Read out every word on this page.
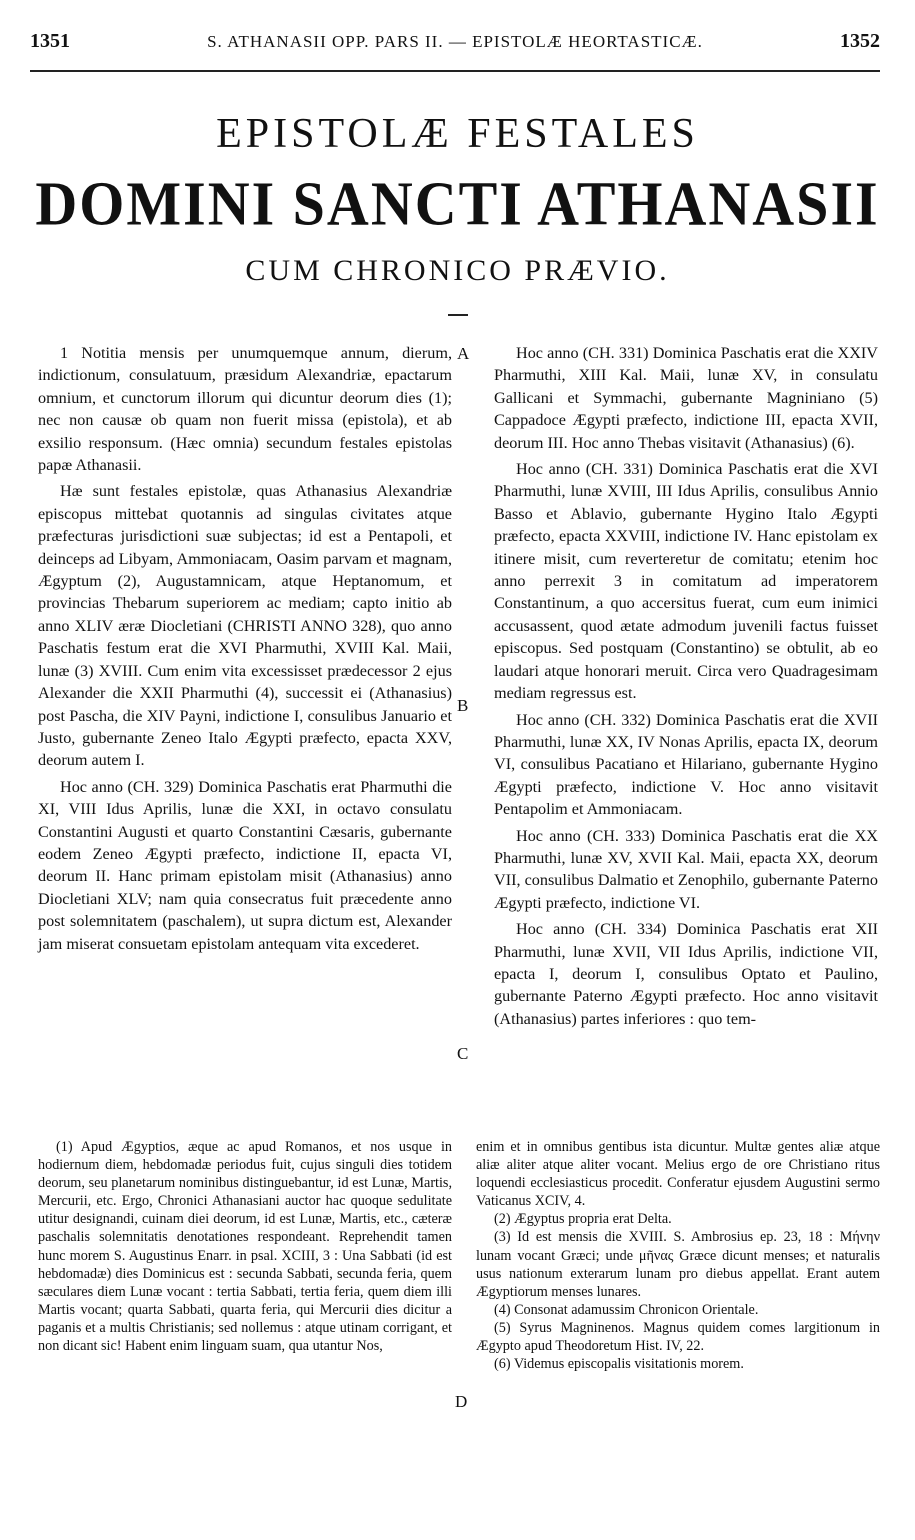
1351	S. ATHANASII OPP. PARS II. — EPISTOLÆ HEORTASTICÆ.	1352
EPISTOLÆ FESTALES
DOMINI SANCTI ATHANASII
CUM CHRONICO PRÆVIO.

1 Notitia mensis per unumquemque annum, dierum, indictionum, consulatuum, præsidum Alexandriæ, epactarum omnium, et cunctorum illorum qui dicuntur deorum dies (1); nec non causæ ob quam non fuerit missa (epistola), et ab exsilio responsum. (Hæc omnia) secundum festales epistolas papæ Athanasii.

Hæ sunt festales epistolæ, quas Athanasius Alexandriæ episcopus mittebat quotannis ad singulas civitates atque præfecturas jurisdictioni suæ subjectas; id est a Pentapoli, et deinceps ad Libyam, Ammoniacam, Oasim parvam et magnam, Ægyptum (2), Augustamnicam, atque Heptanomum, et provincias Thebarum superiorem ac mediam; capto initio ab anno XLIV æræ Diocletiani (CHRISTI ANNO 328), quo anno Paschatis festum erat die XVI Pharmuthi, XVIII Kal. Maii, lunæ (3) XVIII. Cum enim vita excessisset prædecessor 2 ejus Alexander die XXII Pharmuthi (4), successit ei (Athanasius) post Pascha, die XIV Payni, indictione I, consulibus Januario et Justo, gubernante Zeneo Italo Ægypti præfecto, epacta XXV, deorum autem I.

Hoc anno (CH. 329) Dominica Paschatis erat Pharmuthi die XI, VIII Idus Aprilis, lunæ die XXI, in octavo consulatu Constantini Augusti et quarto Constantini Cæsaris, gubernante eodem Zeneo Ægypti præfecto, indictione II, epacta VI, deorum II. Hanc primam epistolam misit (Athanasius) anno Diocletiani XLV; nam quia consecratus fuit præcedente anno post solemnitatem (paschalem), ut supra dictum est, Alexander jam miserat consuetam epistolam antequam vita excederet.

A
B
C
D

Hoc anno (CH. 331) Dominica Paschatis erat die XXIV Pharmuthi, XIII Kal. Maii, lunæ XV, in consulatu Gallicani et Symmachi, gubernante Magniniano (5) Cappadoce Ægypti præfecto, indictione III, epacta XVII, deorum III. Hoc anno Thebas visitavit (Athanasius) (6).

Hoc anno (CH. 331) Dominica Paschatis erat die XVI Pharmuthi, lunæ XVIII, III Idus Aprilis, consulibus Annio Basso et Ablavio, gubernante Hygino Italo Ægypti præfecto, epacta XXVIII, indictione IV. Hanc epistolam ex itinere misit, cum reverteretur de comitatu; etenim hoc anno perrexit 3 in comitatum ad imperatorem Constantinum, a quo accersitus fuerat, cum eum inimici accusassent, quod ætate admodum juvenili factus fuisset episcopus. Sed postquam (Constantino) se obtulit, ab eo laudari atque honorari meruit. Circa vero Quadragesimam mediam regressus est.

Hoc anno (CH. 332) Dominica Paschatis erat die XVII Pharmuthi, lunæ XX, IV Nonas Aprilis, epacta IX, deorum VI, consulibus Pacatiano et Hilariano, gubernante Hygino Ægypti præfecto, indictione V. Hoc anno visitavit Pentapolim et Ammoniacam.

Hoc anno (CH. 333) Dominica Paschatis erat die XX Pharmuthi, lunæ XV, XVII Kal. Maii, epacta XX, deorum VII, consulibus Dalmatio et Zenophilo, gubernante Paterno Ægypti præfecto, indictione VI.

Hoc anno (CH. 334) Dominica Paschatis erat XII Pharmuthi, lunæ XVII, VII Idus Aprilis, indictione VII, epacta I, deorum I, consulibus Optato et Paulino, gubernante Paterno Ægypti præfecto. Hoc anno visitavit (Athanasius) partes inferiores : quo tem-

(1) Apud Ægyptios, æque ac apud Romanos, et nos usque in hodiernum diem, hebdomadæ periodus fuit, cujus singuli dies totidem deorum, seu planetarum nominibus distinguebantur, id est Lunæ, Martis, Mercurii, etc. Ergo, Chronici Athanasiani auctor hac quoque sedulitate utitur designandi, cuinam diei deorum, id est Lunæ, Martis, etc., cæteræ paschalis solemnitatis denotationes respondeant. Reprehendit tamen hunc morem S. Augustinus Enarr. in psal. XCIII, 3 : Una Sabbati (id est hebdomadæ) dies Dominicus est : secunda Sabbati, secunda feria, quem sæculares diem Lunæ vocant : tertia Sabbati, tertia feria, quem diem illi Martis vocant; quarta Sabbati, quarta feria, qui Mercurii dies dicitur a paganis et a multis Christianis; sed nollemus : atque utinam corrigant, et non dicant sic! Habent enim linguam suam, qua utantur Nos,

enim et in omnibus gentibus ista dicuntur. Multæ gentes aliæ atque aliæ aliter atque aliter vocant. Melius ergo de ore Christiano ritus loquendi ecclesiasticus procedit. Conferatur ejusdem Augustini sermo Vaticanus XCIV, 4.

(2) Ægyptus propria erat Delta.

(3) Id est mensis die XVIII. S. Ambrosius ep. 23, 18 : Μήνην lunam vocant Græci; unde μῆνας Græce dicunt menses; et naturalis usus nationum exterarum lunam pro diebus appellat. Erant autem Ægyptiorum menses lunares.

(4) Consonat adamussim Chronicon Orientale.

(5) Syrus Magninenos. Magnus quidem comes largitionum in Ægypto apud Theodoretum Hist. IV, 22.

(6) Videmus episcopalis visitationis morem.
